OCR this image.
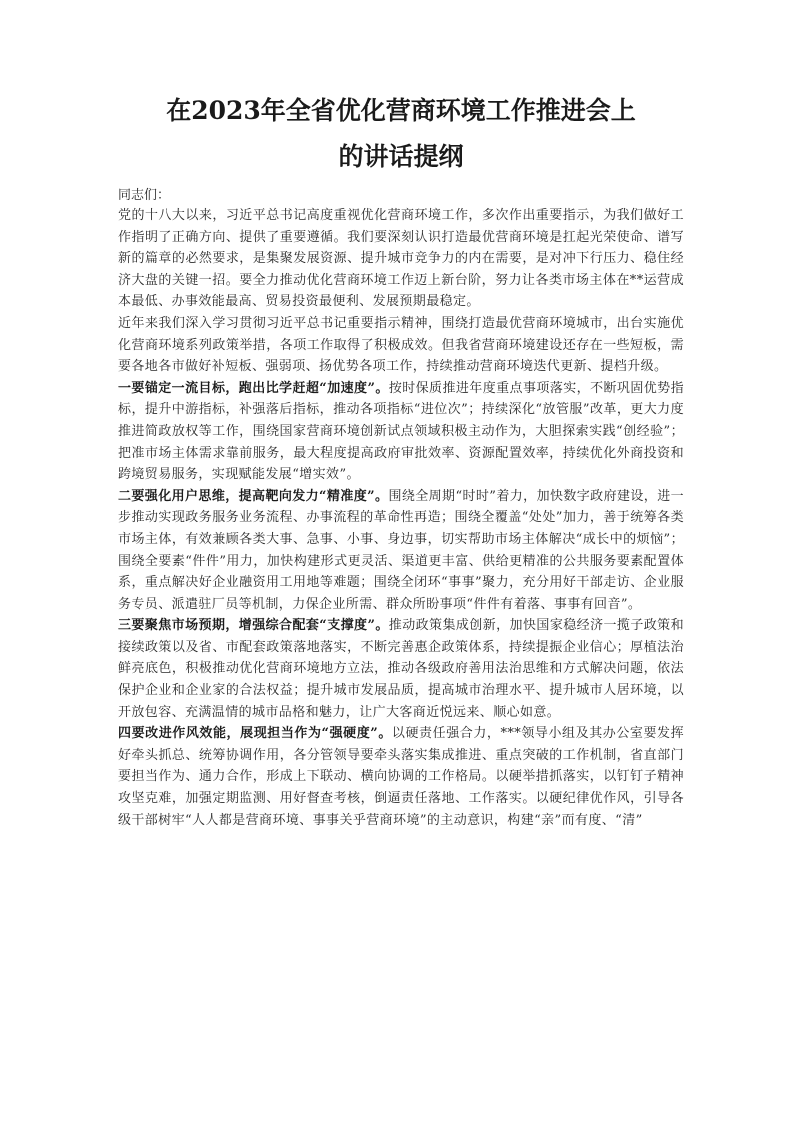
在2023年全省优化营商环境工作推进会上
的讲话提纲

同志们：

党的十八大以来，习近平总书记高度重视优化营商环境工作，多次作出重要指示，为我们做好工作指明了正确方向、提供了重要遵循。我们要深刻认识打造最优营商环境是扛起光荣使命、谱写新的篇章的必然要求，是集聚发展资源、提升城市竞争力的内在需要，是对冲下行压力、稳住经济大盘的关键一招。要全力推动优化营商环境工作迈上新台阶，努力让各类市场主体在**运营成本最低、办事效能最高、贸易投资最便利、发展预期最稳定。

近年来我们深入学习贯彻习近平总书记重要指示精神，围绕打造最优营商环境城市，出台实施优化营商环境系列政策举措，各项工作取得了积极成效。但我省营商环境建设还存在一些短板，需要各地各市做好补短板、强弱项、扬优势各项工作，持续推动营商环境迭代更新、提档升级。

一要锚定一流目标，跑出比学赶超“加速度”。按时保质推进年度重点事项落实，不断巩固优势指标，提升中游指标，补强落后指标，推动各项指标“进位次”；持续深化“放管服”改革，更大力度推进简政放权等工作，围绕国家营商环境创新试点领域积极主动作为，大胆探索实践“创经验”；把准市场主体需求靠前服务，最大程度提高政府审批效率、资源配置效率，持续优化外商投资和跨境贸易服务，实现赋能发展“增实效”。

二要强化用户思维，提高靶向发力“精准度”。围绕全周期“时时”着力，加快数字政府建设，进一步推动实现政务服务业务流程、办事流程的革命性再造；围绕全覆盖“处处”加力，善于统筹各类市场主体，有效兼顾各类大事、急事、小事、身边事，切实帮助市场主体解决“成长中的烦恼”；围绕全要素“件件”用力，加快构建形式更灵活、渠道更丰富、供给更精准的公共服务要素配置体系，重点解决好企业融资用工用地等难题；围绕全闭环“事事”聚力，充分用好干部走访、企业服务专员、派遣驻厂员等机制，力保企业所需、群众所盼事项“件件有着落、事事有回音”。

三要聚焦市场预期，增强综合配套“支撑度”。推动政策集成创新，加快国家稳经济一揽子政策和接续政策以及省、市配套政策落地落实，不断完善惠企政策体系，持续提振企业信心；厚植法治鲜亮底色，积极推动优化营商环境地方立法，推动各级政府善用法治思维和方式解决问题，依法保护企业和企业家的合法权益；提升城市发展品质，提高城市治理水平、提升城市人居环境，以开放包容、充满温情的城市品格和魅力，让广大客商近悦远来、顺心如意。

四要改进作风效能，展现担当作为“强硬度”。以硬责任强合力，***领导小组及其办公室要发挥好牵头抓总、统筹协调作用，各分管领导要牵头落实集成推进、重点突破的工作机制，省直部门要担当作为、通力合作，形成上下联动、横向协调的工作格局。以硬举措抓落实，以钉钉子精神攻坚克难，加强定期监测、用好督查考核，倒逼责任落地、工作落实。以硬纪律优作风，引导各级干部树牢“人人都是营商环境、事事关乎营商环境”的主动意识，构建“亲”而有度、“清”
